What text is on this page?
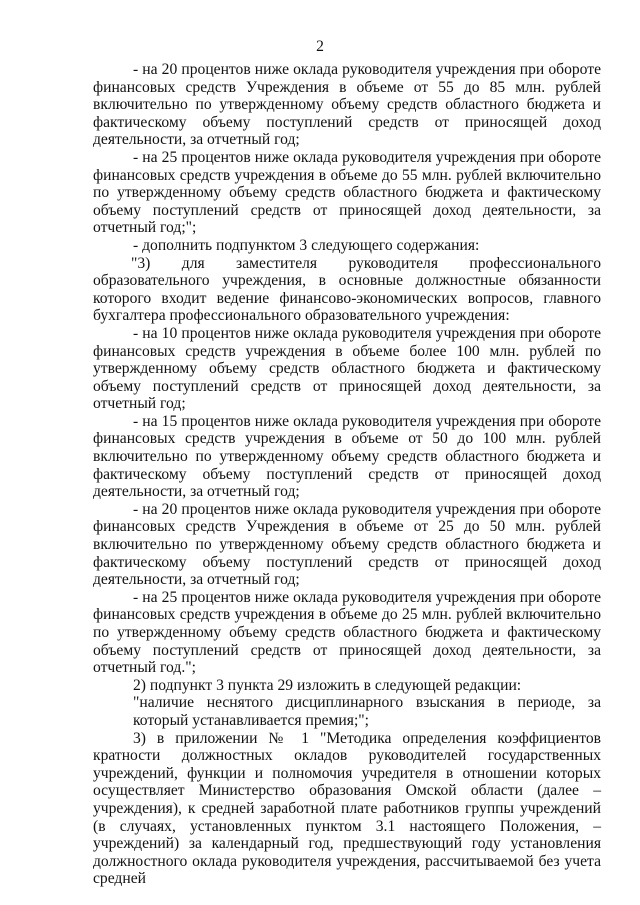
2

- на 20 процентов ниже оклада руководителя учреждения при обороте финансовых средств Учреждения в объеме от 55 до 85 млн. рублей включительно по утвержденному объему средств областного бюджета и фактическому объему поступлений средств от приносящей доход деятельности, за отчетный год;

- на 25 процентов ниже оклада руководителя учреждения при обороте финансовых средств учреждения в объеме до 55 млн. рублей включительно по утвержденному объему средств областного бюджета и фактическому объему поступлений средств от приносящей доход деятельности, за отчетный год;";

- дополнить подпунктом 3 следующего содержания:

"3) для заместителя руководителя профессионального образовательного учреждения, в основные должностные обязанности которого входит ведение финансово-экономических вопросов, главного бухгалтера профессионального образовательного учреждения:

- на 10 процентов ниже оклада руководителя учреждения при обороте финансовых средств учреждения в объеме более 100 млн. рублей по утвержденному объему средств областного бюджета и фактическому объему поступлений средств от приносящей доход деятельности, за отчетный год;

- на 15 процентов ниже оклада руководителя учреждения при обороте финансовых средств учреждения в объеме от 50 до 100 млн. рублей включительно по утвержденному объему средств областного бюджета и фактическому объему поступлений средств от приносящей доход деятельности, за отчетный год;

- на 20 процентов ниже оклада руководителя учреждения при обороте финансовых средств Учреждения в объеме от 25 до 50 млн. рублей включительно по утвержденному объему средств областного бюджета и фактическому объему поступлений средств от приносящей доход деятельности, за отчетный год;

- на 25 процентов ниже оклада руководителя учреждения при обороте финансовых средств учреждения в объеме до 25 млн. рублей включительно по утвержденному объему средств областного бюджета и фактическому объему поступлений средств от приносящей доход деятельности, за отчетный год.";

2) подпункт 3 пункта 29 изложить в следующей редакции:

"наличие неснятого дисциплинарного взыскания в периоде, за который устанавливается премия;";

3) в приложении № 1 "Методика определения коэффициентов кратности должностных окладов руководителей государственных учреждений, функции и полномочия учредителя в отношении которых осуществляет Министерство образования Омской области (далее – учреждения), к средней заработной плате работников группы учреждений (в случаях, установленных пунктом 3.1 настоящего Положения, – учреждений) за календарный год, предшествующий году установления должностного оклада руководителя учреждения, рассчитываемой без учета средней
